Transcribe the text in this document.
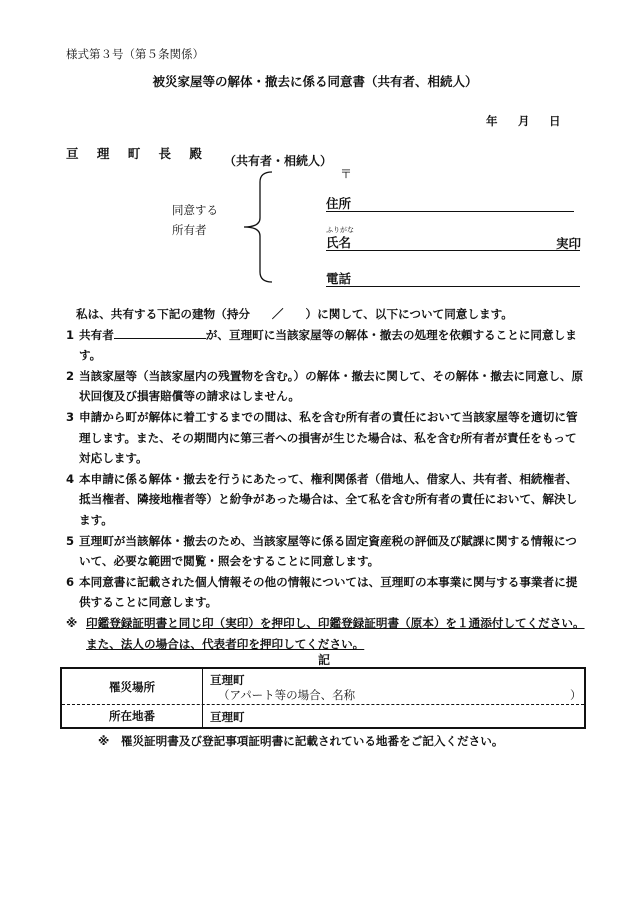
様式第３号（第５条関係）
被災家屋等の解体・撤去に係る同意書（共有者、相続人）
年 月 日
亘 理 町 長 殿 （共有者・相続人）
〒
同意する
所有者
住所
ふりがな
氏名	実印
電話

私は、共有する下記の建物（持分 ／ ）に関して、以下について同意します。

1 共有者	が、亘理町に当該家屋等の解体・撤去の処理を依頼することに同意します。

2 当該家屋等（当該家屋内の残置物を含む。）の解体・撤去に関して、その解体・撤去に同意し、原状回復及び損害賠償等の請求はしません。

3 申請から町が解体に着工するまでの間は、私を含む所有者の責任において当該家屋等を適切に管理します。また、その期間内に第三者への損害が生じた場合は、私を含む所有者が責任をもって対応します。

4 本申請に係る解体・撤去を行うにあたって、権利関係者（借地人、借家人、共有者、相続権者、抵当権者、隣接地権者等）と紛争があった場合は、全て私を含む所有者の責任において、解決します。

5 亘理町が当該解体・撤去のため、当該家屋等に係る固定資産税の評価及び賦課に関する情報について、必要な範囲で閲覧・照会をすることに同意します。

6 本同意書に記載された個人情報その他の情報については、亘理町の本事業に関与する事業者に提供することに同意します。

※ 印鑑登録証明書と同じ印（実印）を押印し、印鑑登録証明書（原本）を１通添付してください。また、法人の場合は、代表者印を押印してください。

記
罹災場所	亘理町
（アパート等の場合、名称	）
所在地番	亘理町
※　罹災証明書及び登記事項証明書に記載されている地番をご記入ください。
